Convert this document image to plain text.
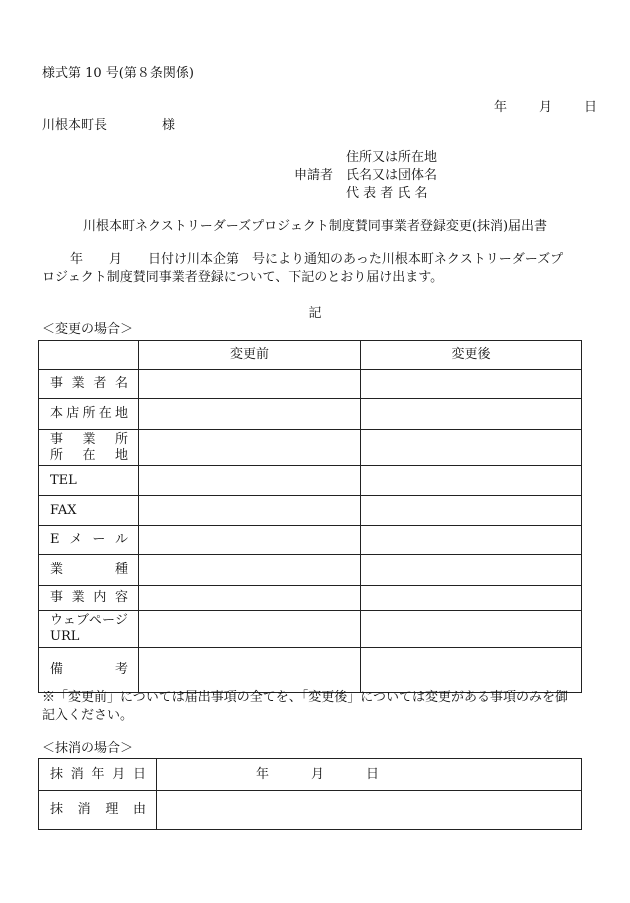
様式第 10 号(第８条関係)
年 月 日
川根本町長	様
住所又は所在地
申請者 氏名又は団体名
代 表 者 氏 名
川根本町ネクストリーダーズプロジェクト制度賛同事業者登録変更(抹消)届出書
年　　月　　日付け川本企第　号により通知のあった川根本町ネクストリーダーズプ
ロジェクト制度賛同事業者登録について、下記のとおり届け出ます。
記
＜変更の場合＞
	変更前	変更後
事業者名		
本店所在地		

事業所
所在地		

TEL		
FAX		
Eメール		
業種		
事業内容		

ウェブページ
URL		

備考		
※「変更前」については届出事項の全てを、「変更後」については変更がある事項のみを御
記入ください。
＜抹消の場合＞
抹消年月日	年 月 日
抹消理由	
